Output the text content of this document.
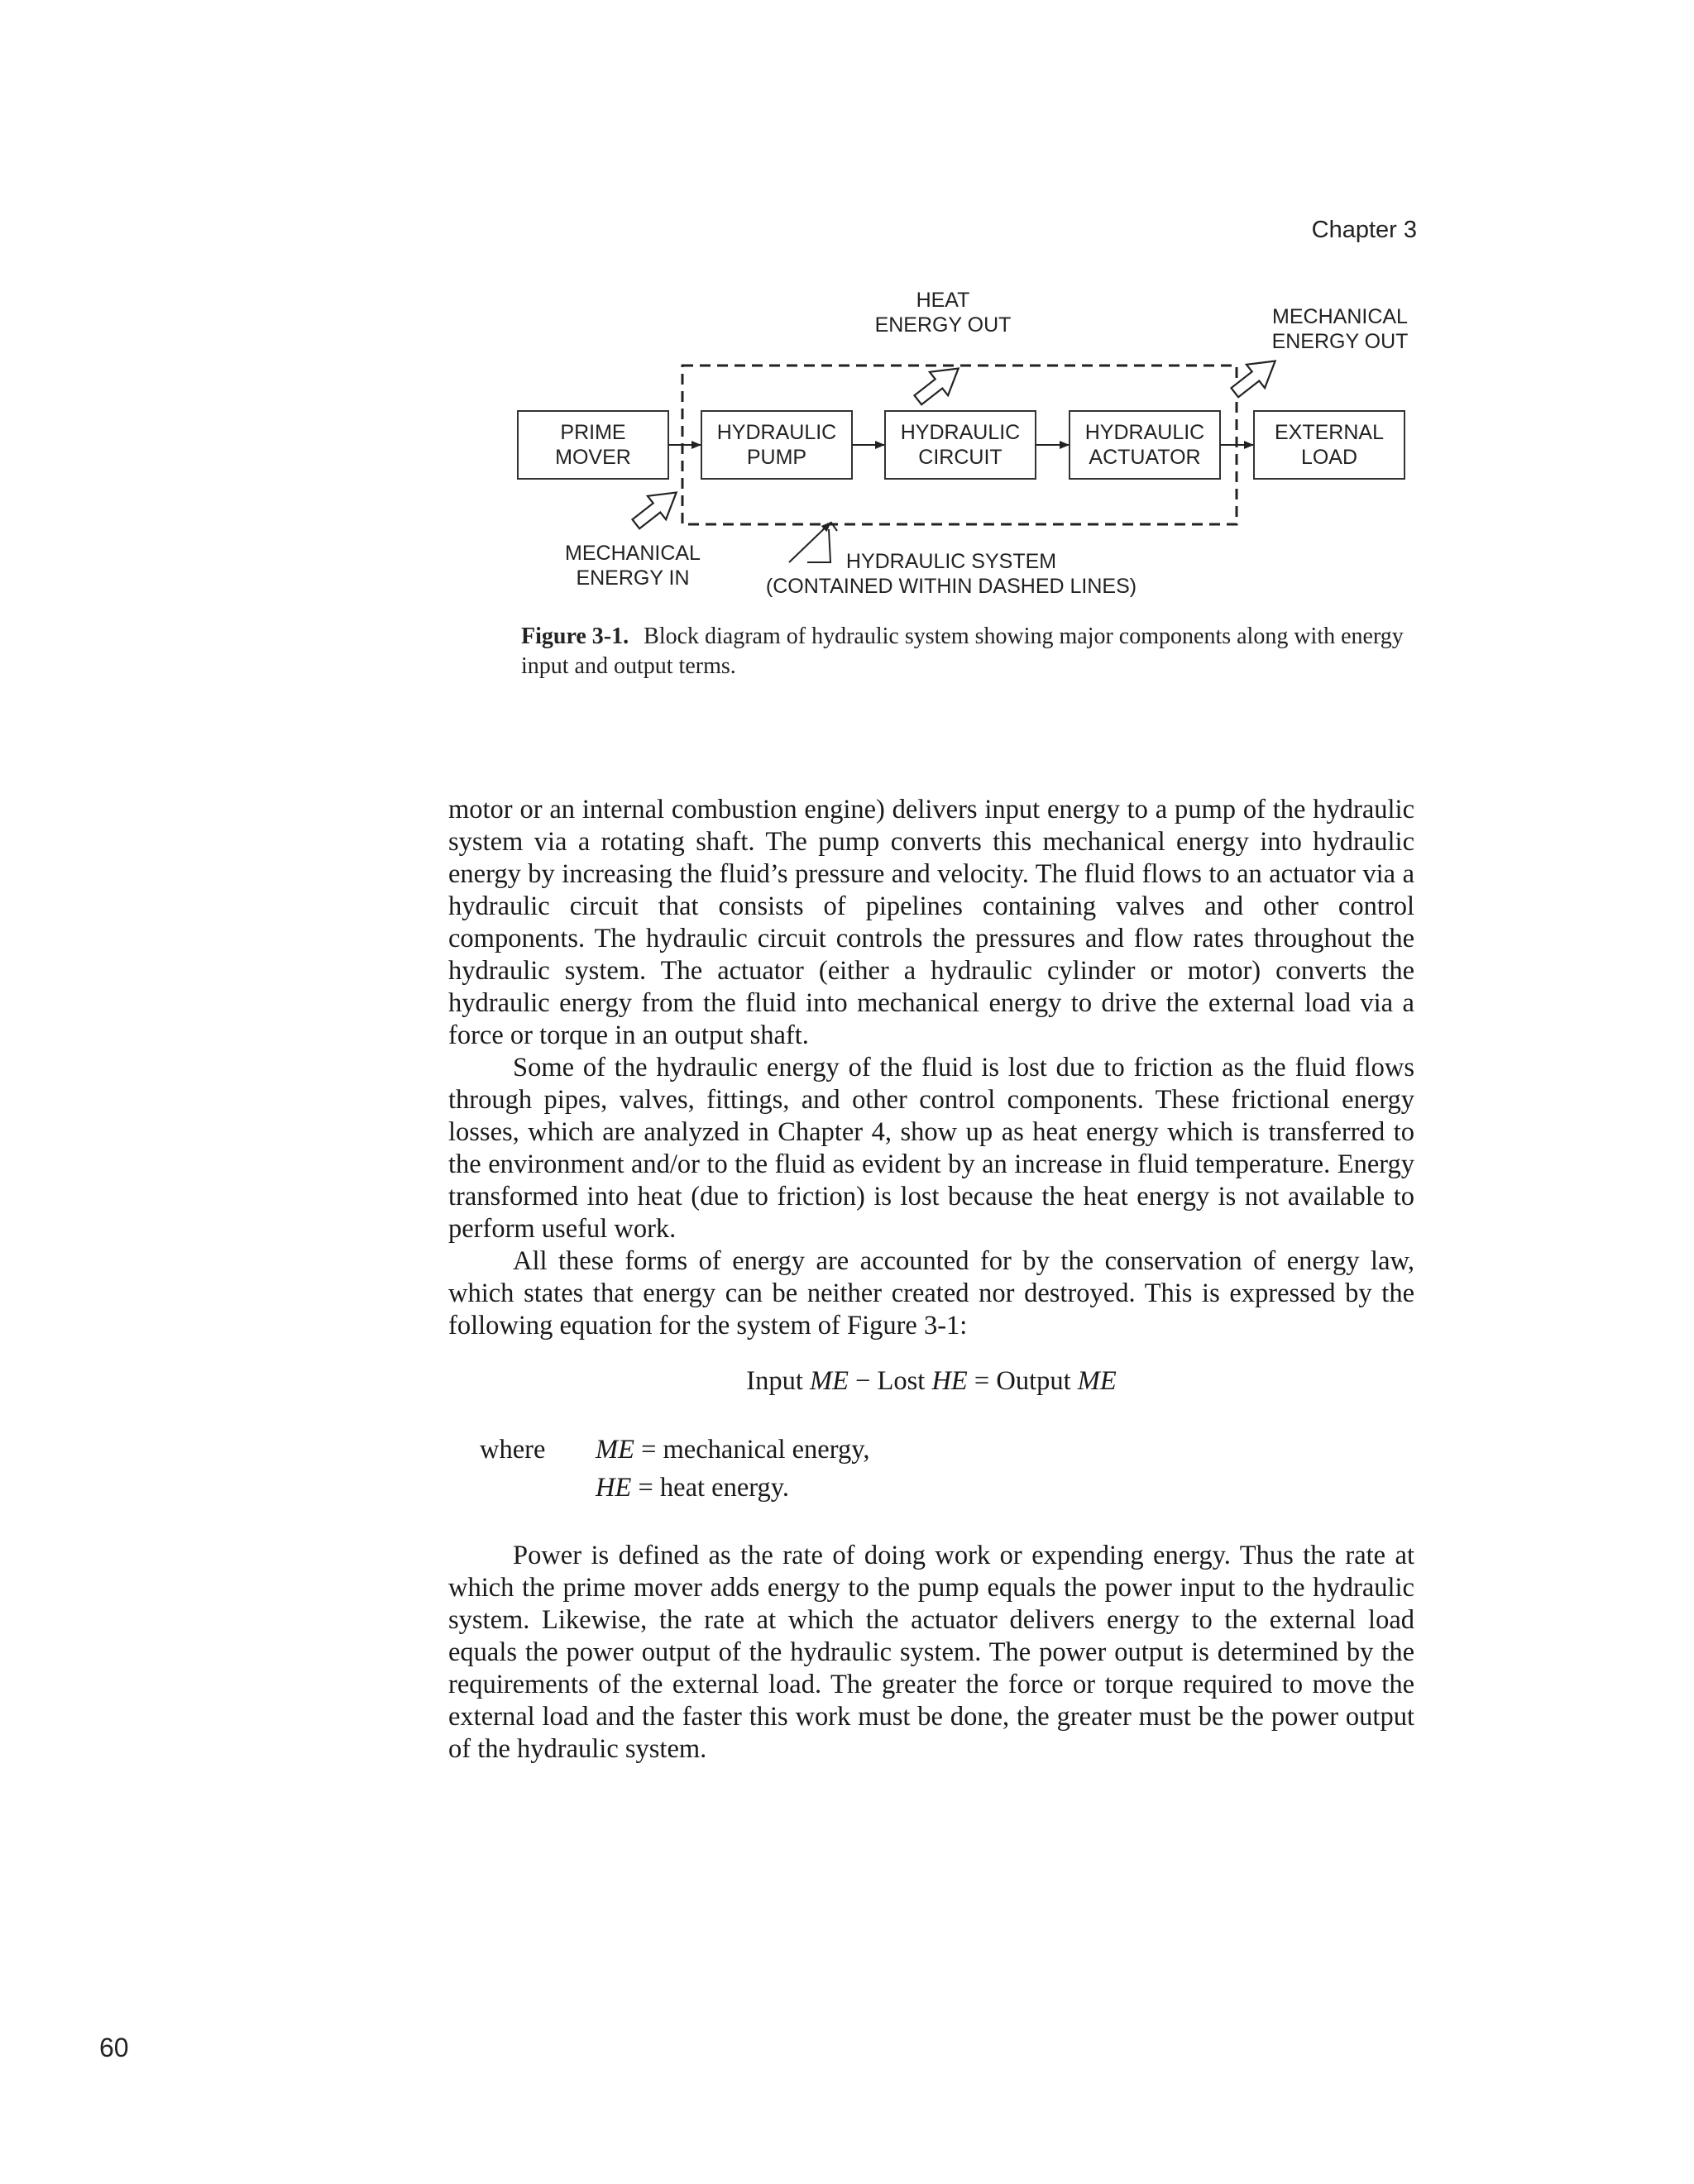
Chapter 3
PRIME
MOVER
HYDRAULIC
PUMP
HYDRAULIC
CIRCUIT
HYDRAULIC
ACTUATOR
EXTERNAL
LOAD
HEAT
ENERGY OUT	MECHANICAL
ENERGY OUT
MECHANICAL
ENERGY IN
HYDRAULIC SYSTEM
(CONTAINED WITHIN DASHED LINES)
Figure 3-1. Block diagram of hydraulic system showing major components along with energy input and output terms.

motor or an internal combustion engine) delivers input energy to a pump of the hydraulic system via a rotating shaft. The pump converts this mechanical energy into hydraulic energy by increasing the fluid’s pressure and velocity. The fluid flows to an actuator via a hydraulic circuit that consists of pipelines containing valves and other control components. The hydraulic circuit controls the pressures and flow rates throughout the hydraulic system. The actuator (either a hydraulic cylinder or motor) converts the hydraulic energy from the fluid into mechanical energy to drive the external load via a force or torque in an output shaft.

Some of the hydraulic energy of the fluid is lost due to friction as the fluid flows through pipes, valves, fittings, and other control components. These frictional energy losses, which are analyzed in Chapter 4, show up as heat energy which is transferred to the environment and/or to the fluid as evident by an increase in fluid temperature. Energy transformed into heat (due to friction) is lost because the heat energy is not available to perform useful work.

All these forms of energy are accounted for by the conservation of energy law, which states that energy can be neither created nor destroyed. This is expressed by the following equation for the system of Figure 3-1:

Input ME − Lost HE = Output ME
where	ME = mechanical energy,
HE = heat energy.

Power is defined as the rate of doing work or expending energy. Thus the rate at which the prime mover adds energy to the pump equals the power input to the hydraulic system. Likewise, the rate at which the actuator delivers energy to the external load equals the power output of the hydraulic system. The power output is determined by the requirements of the external load. The greater the force or torque required to move the external load and the faster this work must be done, the greater must be the power output of the hydraulic system.

60
